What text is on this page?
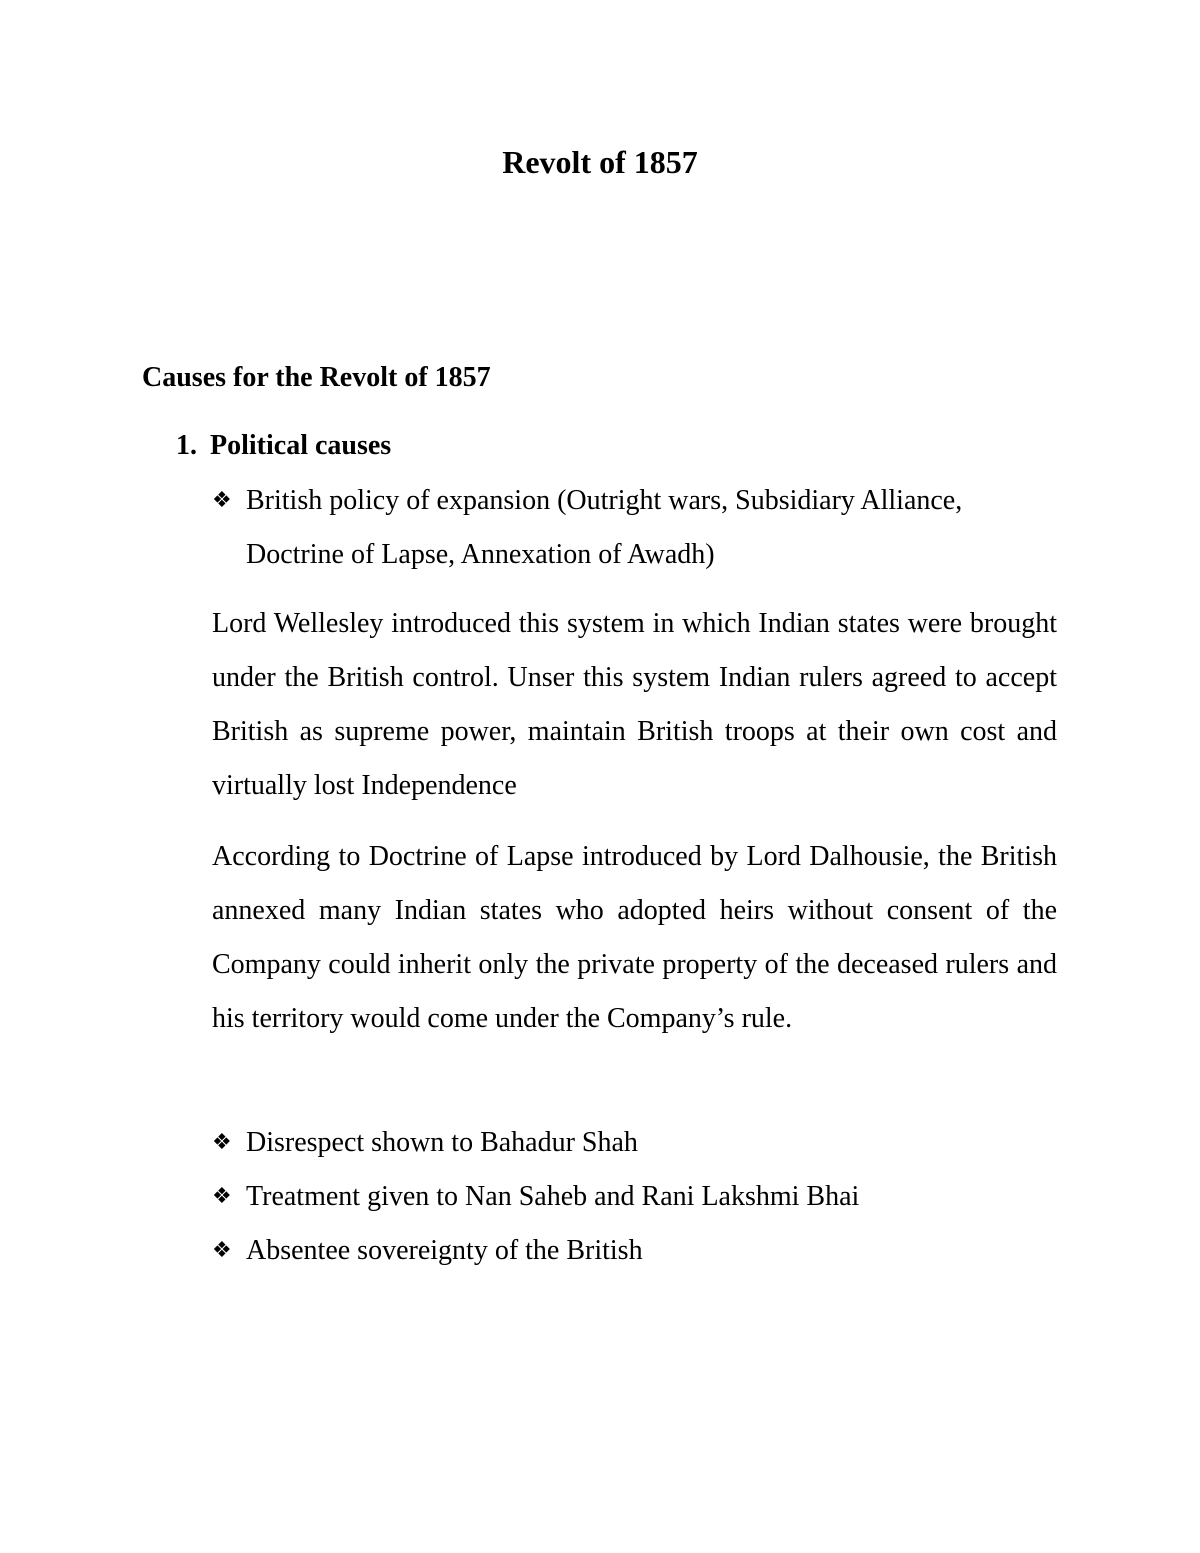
Revolt of 1857
Causes for the Revolt of 1857
1. Political causes
❖ British policy of expansion (Outright wars, Subsidiary Alliance, Doctrine of Lapse, Annexation of Awadh)
Lord Wellesley introduced this system in which Indian states were brought under the British control. Unser this system Indian rulers agreed to accept British as supreme power, maintain British troops at their own cost and virtually lost Independence
According to Doctrine of Lapse introduced by Lord Dalhousie, the British annexed many Indian states who adopted heirs without consent of the Company could inherit only the private property of the deceased rulers and his territory would come under the Company’s rule.
❖ Disrespect shown to Bahadur Shah
❖ Treatment given to Nan Saheb and Rani Lakshmi Bhai
❖ Absentee sovereignty of the British
